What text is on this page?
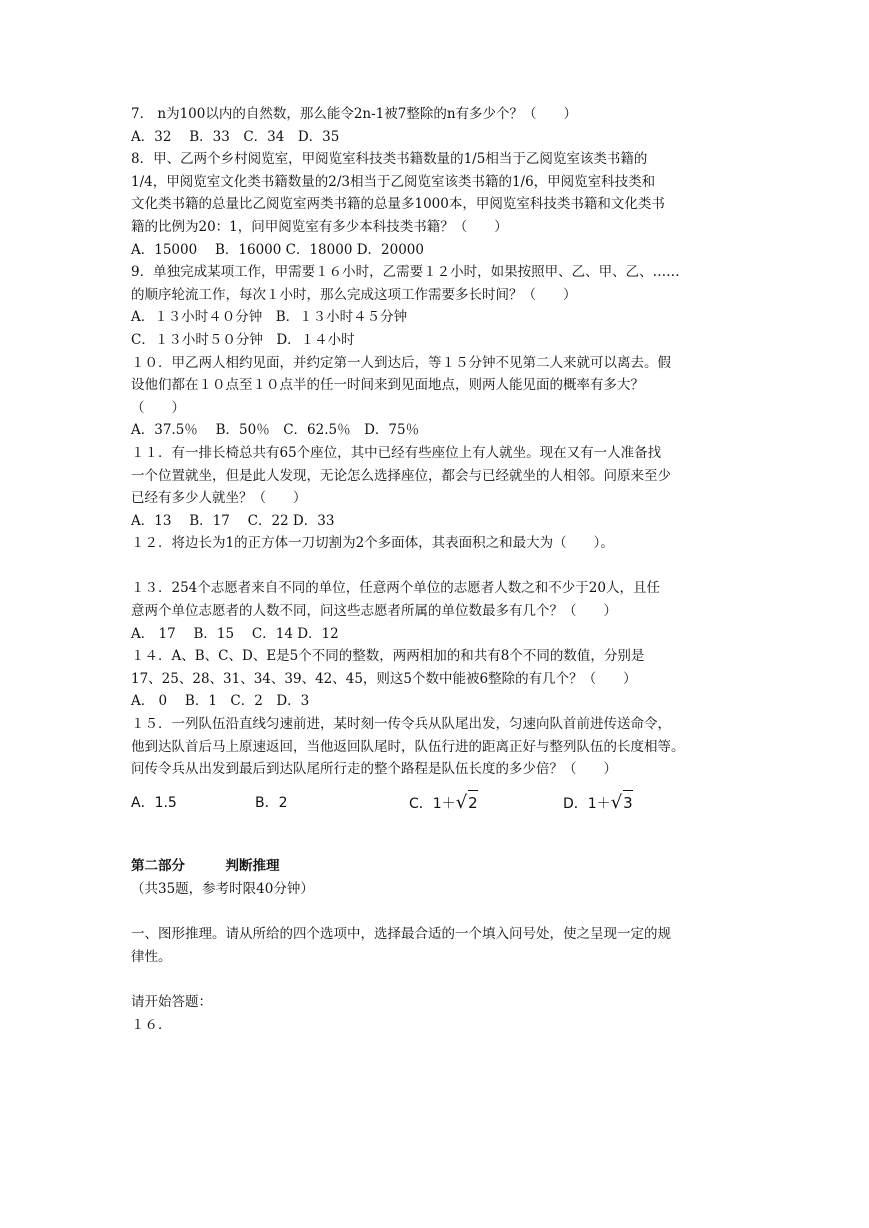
7． n为100以内的自然数，那么能令2n-1被7整除的n有多少个？（　　）
A．32　 B．33　C．34　D．35
8．甲、乙两个乡村阅览室，甲阅览室科技类书籍数量的1/5相当于乙阅览室该类书籍的
1/4，甲阅览室文化类书籍数量的2/3相当于乙阅览室该类书籍的1/6，甲阅览室科技类和
文化类书籍的总量比乙阅览室两类书籍的总量多1000本，甲阅览室科技类书籍和文化类书
籍的比例为20：1，问甲阅览室有多少本科技类书籍？（　　）
A．15000　 B．16000 C．18000 D．20000
9．单独完成某项工作，甲需要１６小时，乙需要１２小时，如果按照甲、乙、甲、乙、……
的顺序轮流工作，每次１小时，那么完成这项工作需要多长时间？（　　）
A．１３小时４０分钟　B．１３小时４５分钟
C．１３小时５０分钟　D．１４小时
１０．甲乙两人相约见面，并约定第一人到达后，等１５分钟不见第二人来就可以离去。假
设他们都在１０点至１０点半的任一时间来到见面地点，则两人能见面的概率有多大？
（　　）
A．37.5％　 B．50％　C．62.5％　D．75％
１１．有一排长椅总共有65个座位，其中已经有些座位上有人就坐。现在又有一人准备找
一个位置就坐，但是此人发现，无论怎么选择座位，都会与已经就坐的人相邻。问原来至少
已经有多少人就坐？（　　）
A．13　 B．17　 C．22 D．33
１２．将边长为1的正方体一刀切割为2个多面体，其表面积之和最大为（　　）。
１３．254个志愿者来自不同的单位，任意两个单位的志愿者人数之和不少于20人，且任
意两个单位志愿者的人数不同，问这些志愿者所属的单位数最多有几个？（　　）
A． 17　 B．15　 C．14 D．12
１４．A、B、C、D、E是5个不同的整数，两两相加的和共有8个不同的数值，分别是
17、25、28、31、34、39、42、45，则这5个数中能被6整除的有几个？（　　）
A． 0　 B．1　C．2　D．3
１５．一列队伍沿直线匀速前进，某时刻一传令兵从队尾出发，匀速向队首前进传送命令，
他到达队首后马上原速返回，当他返回队尾时，队伍行进的距离正好与整列队伍的长度相等。
问传令兵从出发到最后到达队尾所行走的整个路程是队伍长度的多少倍？（　　）
A．1.5	B．2	C．1＋√2	D．1＋√3
第二部分　　　判断推理
（共35题，参考时限40分钟）
一、图形推理。请从所给的四个选项中，选择最合适的一个填入问号处，使之呈现一定的规
律性。
请开始答题：
１６．
